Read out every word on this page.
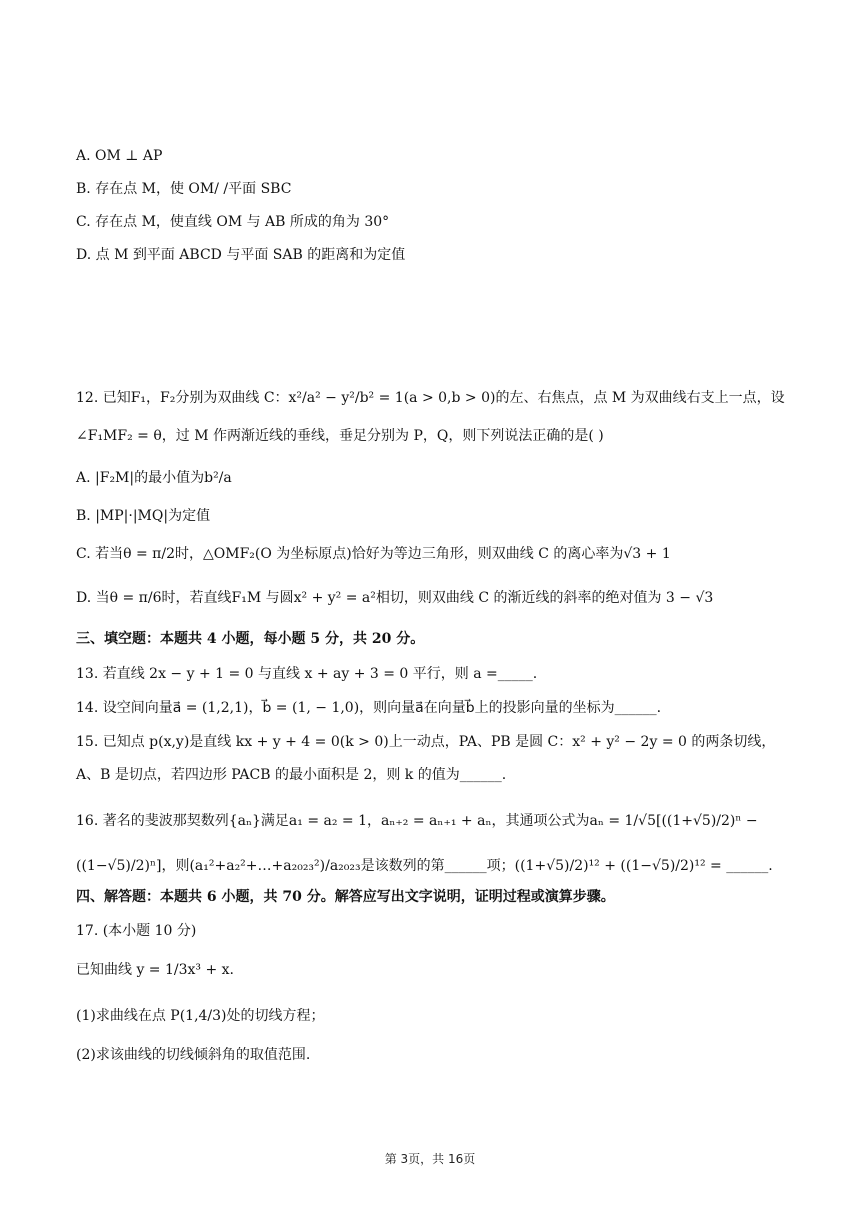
A. OM ⊥ AP
B. 存在点 M，使 OM/ /平面 SBC
C. 存在点 M，使直线 OM 与 AB 所成的角为 30°
D. 点 M 到平面 ABCD 与平面 SAB 的距离和为定值
12. 已知F₁，F₂分别为双曲线 C：x²/a² − y²/b² = 1(a > 0,b > 0)的左、右焦点，点 M 为双曲线右支上一点，设
∠F₁MF₂ = θ，过 M 作两渐近线的垂线，垂足分别为 P，Q，则下列说法正确的是( )
A. |F₂M|的最小值为b²/a
B. |MP|·|MQ|为定值
C. 若当θ = π/2时，△OMF₂(O 为坐标原点)恰好为等边三角形，则双曲线 C 的离心率为√3 + 1
D. 当θ = π/6时，若直线F₁M 与圆x² + y² = a²相切，则双曲线 C 的渐近线的斜率的绝对值为 3 − √3
三、填空题：本题共 4 小题，每小题 5 分，共 20 分。
13. 若直线 2x − y + 1 = 0 与直线 x + ay + 3 = 0 平行，则 a =_____.
14. 设空间向量a⃗ = (1,2,1)，b⃗ = (1, − 1,0)，则向量a⃗在向量b⃗上的投影向量的坐标为______.
15. 已知点 p(x,y)是直线 kx + y + 4 = 0(k > 0)上一动点，PA、PB 是圆 C：x² + y² − 2y = 0 的两条切线，
A、B 是切点，若四边形 PACB 的最小面积是 2，则 k 的值为______.
16. 著名的斐波那契数列{aₙ}满足a₁ = a₂ = 1，aₙ₊₂ = aₙ₊₁ + aₙ，其通项公式为aₙ = 1/√5[((1+√5)/2)ⁿ −
((1−√5)/2)ⁿ]，则(a₁²+a₂²+…+a₂₀₂₃²)/a₂₀₂₃是该数列的第______项；((1+√5)/2)¹² + ((1−√5)/2)¹² = ______.
四、解答题：本题共 6 小题，共 70 分。解答应写出文字说明，证明过程或演算步骤。
17. (本小题 10 分)
已知曲线 y = 1/3x³ + x.
(1)求曲线在点 P(1,4/3)处的切线方程；
(2)求该曲线的切线倾斜角的取值范围.
第 3页，共 16页
